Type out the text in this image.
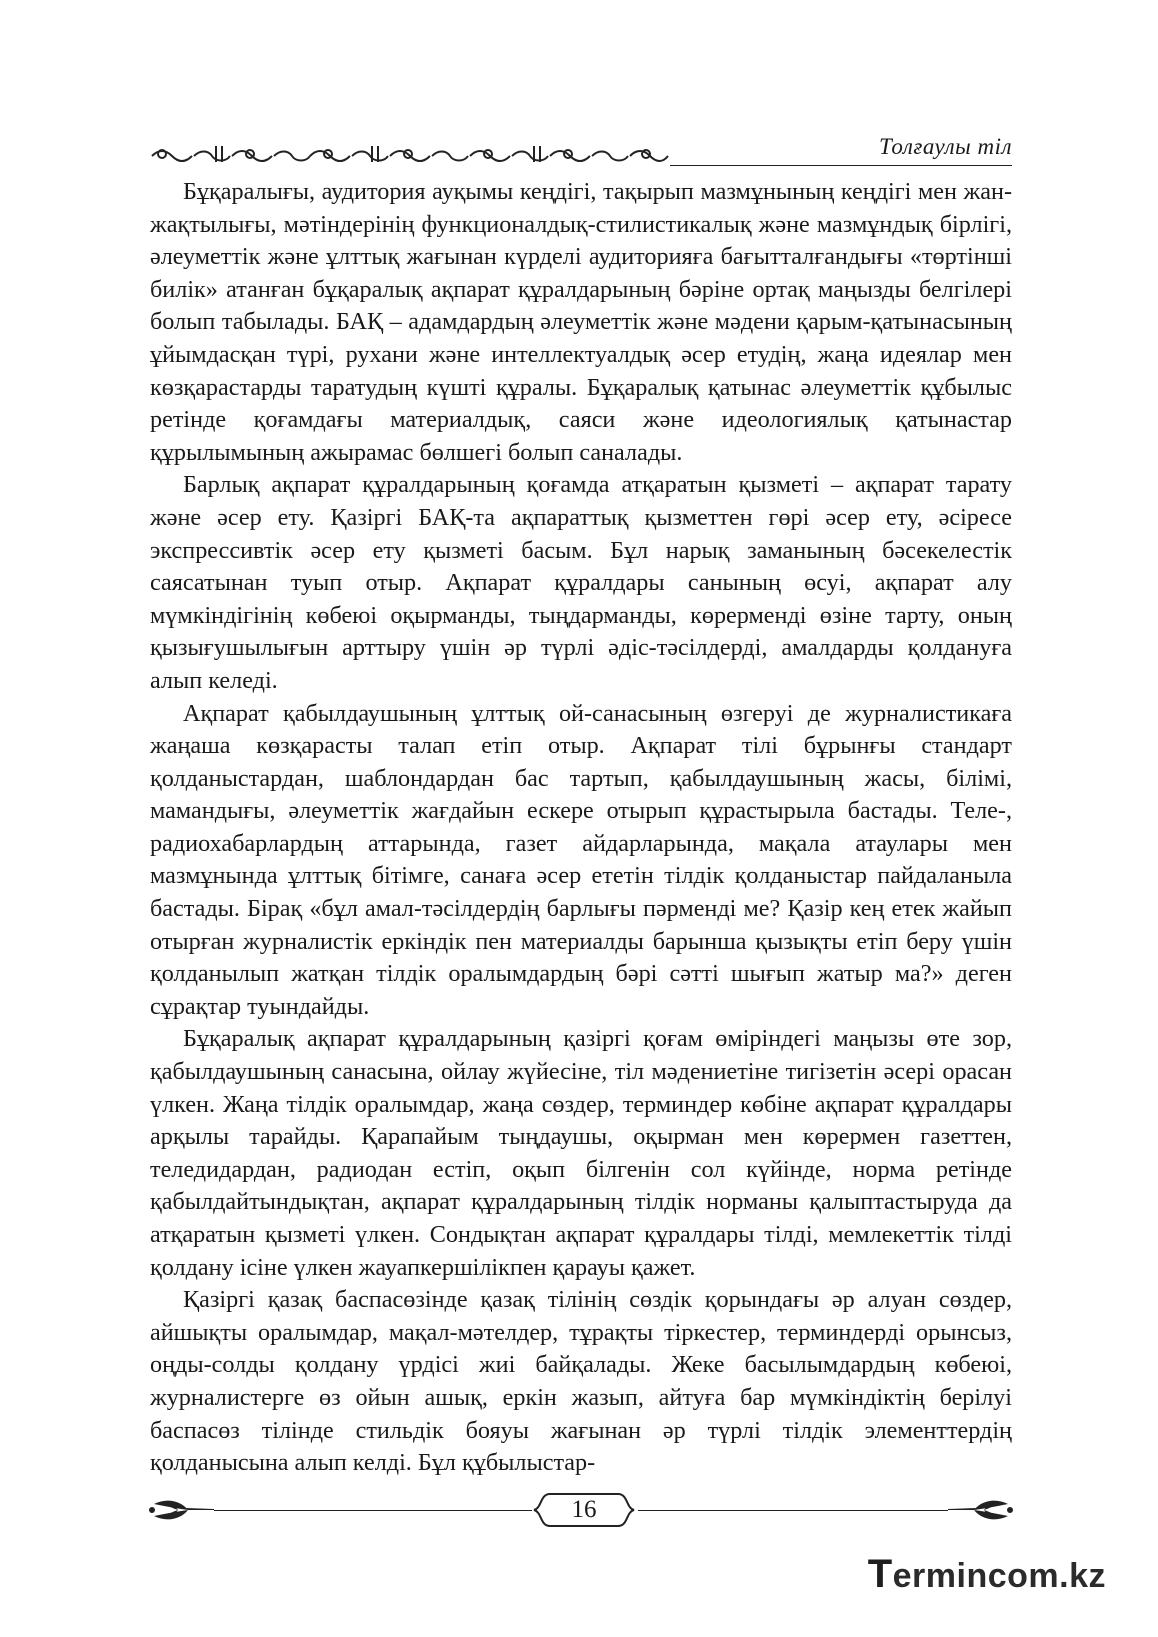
Толғаулы тіл

Бұқаралығы, аудитория ауқымы кеңдігі, тақырып мазмұнының кеңдігі мен жан-жақтылығы, мәтіндерінің функционалдық-стилистикалық және мазмұндық бірлігі, әлеуметтік және ұлттық жағынан күрделі аудиторияға бағытталғандығы «төртінші билік» атанған бұқаралық ақпарат құралдарының бәріне ортақ маңызды белгілері болып табылады. БАҚ – адамдардың әлеуметтік және мәдени қарым-қатынасының ұйымдасқан түрі, рухани және интеллектуалдық әсер етудің, жаңа идеялар мен көзқарастарды таратудың күшті құралы. Бұқаралық қатынас әлеуметтік құбылыс ретінде қоғамдағы материалдық, саяси және идеологиялық қатынастар құрылымының ажырамас бөлшегі болып саналады.

Барлық ақпарат құралдарының қоғамда атқаратын қызметі – ақпарат тарату және әсер ету. Қазіргі БАҚ-та ақпараттық қызметтен гөрі әсер ету, әсіресе экспрессивтік әсер ету қызметі басым. Бұл нарық заманының бәсекелестік саясатынан туып отыр. Ақпарат құралдары санының өсуі, ақпарат алу мүмкіндігінің көбеюі оқырманды, тыңдарманды, көрерменді өзіне тарту, оның қызығушылығын арттыру үшін әр түрлі әдіс-тәсілдерді, амалдарды қолдануға алып келеді.

Ақпарат қабылдаушының ұлттық ой-санасының өзгеруі де журналистикаға жаңаша көзқарасты талап етіп отыр. Ақпарат тілі бұрынғы стандарт қолданыстардан, шаблондардан бас тартып, қабылдаушының жасы, білімі, мамандығы, әлеуметтік жағдайын ескере отырып құрастырыла бастады. Теле-, радиохабарлардың аттарында, газет айдарларында, мақала атаулары мен мазмұнында ұлттық бітімге, санаға әсер ететін тілдік қолданыстар пайдаланыла бастады. Бірақ «бұл амал-тәсілдердің барлығы пәрменді ме? Қазір кең етек жайып отырған журналистік еркіндік пен материалды барынша қызықты етіп беру үшін қолданылып жатқан тілдік оралымдардың бәрі сәтті шығып жатыр ма?» деген сұрақтар туындайды.

Бұқаралық ақпарат құралдарының қазіргі қоғам өміріндегі маңызы өте зор, қабылдаушының санасына, ойлау жүйесіне, тіл мәдениетіне тигізетін әсері орасан үлкен. Жаңа тілдік оралымдар, жаңа сөздер, терминдер көбіне ақпарат құралдары арқылы тарайды. Қарапайым тыңдаушы, оқырман мен көрермен газеттен, теледидардан, радиодан естіп, оқып білгенін сол күйінде, норма ретінде қабылдайтындықтан, ақпарат құралдарының тілдік норманы қалыптастыруда да атқаратын қызметі үлкен. Сондықтан ақпарат құралдары тілді, мемлекеттік тілді қолдану ісіне үлкен жауапкершілікпен қарауы қажет.

Қазіргі қазақ баспасөзінде қазақ тілінің сөздік қорындағы әр алуан сөздер, айшықты оралымдар, мақал-мәтелдер, тұрақты тіркестер, терминдерді орынсыз, оңды-солды қолдану үрдісі жиі байқалады. Жеке басылымдардың көбеюі, журналистерге өз ойын ашық, еркін жазып, айтуға бар мүмкіндіктің берілуі баспасөз тілінде стильдік бояуы жағынан әр түрлі тілдік элементтердің қолданысына алып келді. Бұл құбылыстар-

16
Termincom.kz
